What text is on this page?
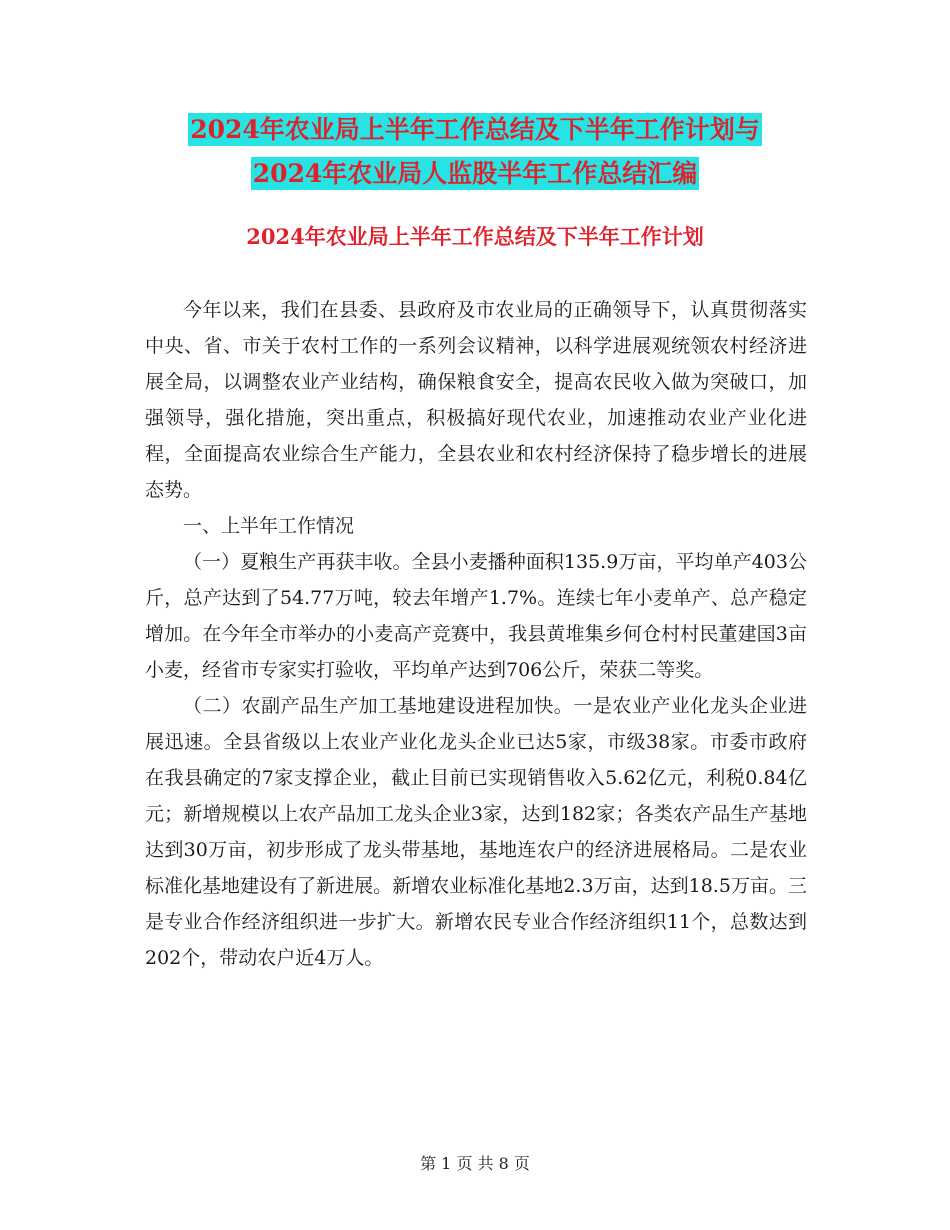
2024年农业局上半年工作总结及下半年工作计划与
2024年农业局人监股半年工作总结汇编
2024年农业局上半年工作总结及下半年工作计划

今年以来，我们在县委、县政府及市农业局的正确领导下，认真贯彻落实中央、省、市关于农村工作的一系列会议精神，以科学进展观统领农村经济进展全局，以调整农业产业结构，确保粮食安全，提高农民收入做为突破口，加强领导，强化措施，突出重点，积极搞好现代农业，加速推动农业产业化进程，全面提高农业综合生产能力，全县农业和农村经济保持了稳步增长的进展态势。

一、上半年工作情况

（一）夏粮生产再获丰收。全县小麦播种面积135.9万亩，平均单产403公斤，总产达到了54.77万吨，较去年增产1.7%。连续七年小麦单产、总产稳定增加。在今年全市举办的小麦高产竞赛中，我县黄堆集乡何仓村村民董建国3亩小麦，经省市专家实打验收，平均单产达到706公斤，荣获二等奖。

（二）农副产品生产加工基地建设进程加快。一是农业产业化龙头企业进展迅速。全县省级以上农业产业化龙头企业已达5家，市级38家。市委市政府在我县确定的7家支撑企业，截止目前已实现销售收入5.62亿元，利税0.84亿元；新增规模以上农产品加工龙头企业3家，达到182家；各类农产品生产基地达到30万亩，初步形成了龙头带基地，基地连农户的经济进展格局。二是农业标准化基地建设有了新进展。新增农业标准化基地2.3万亩，达到18.5万亩。三是专业合作经济组织进一步扩大。新增农民专业合作经济组织11个，总数达到202个，带动农户近4万人。

第 1 页 共 8 页
